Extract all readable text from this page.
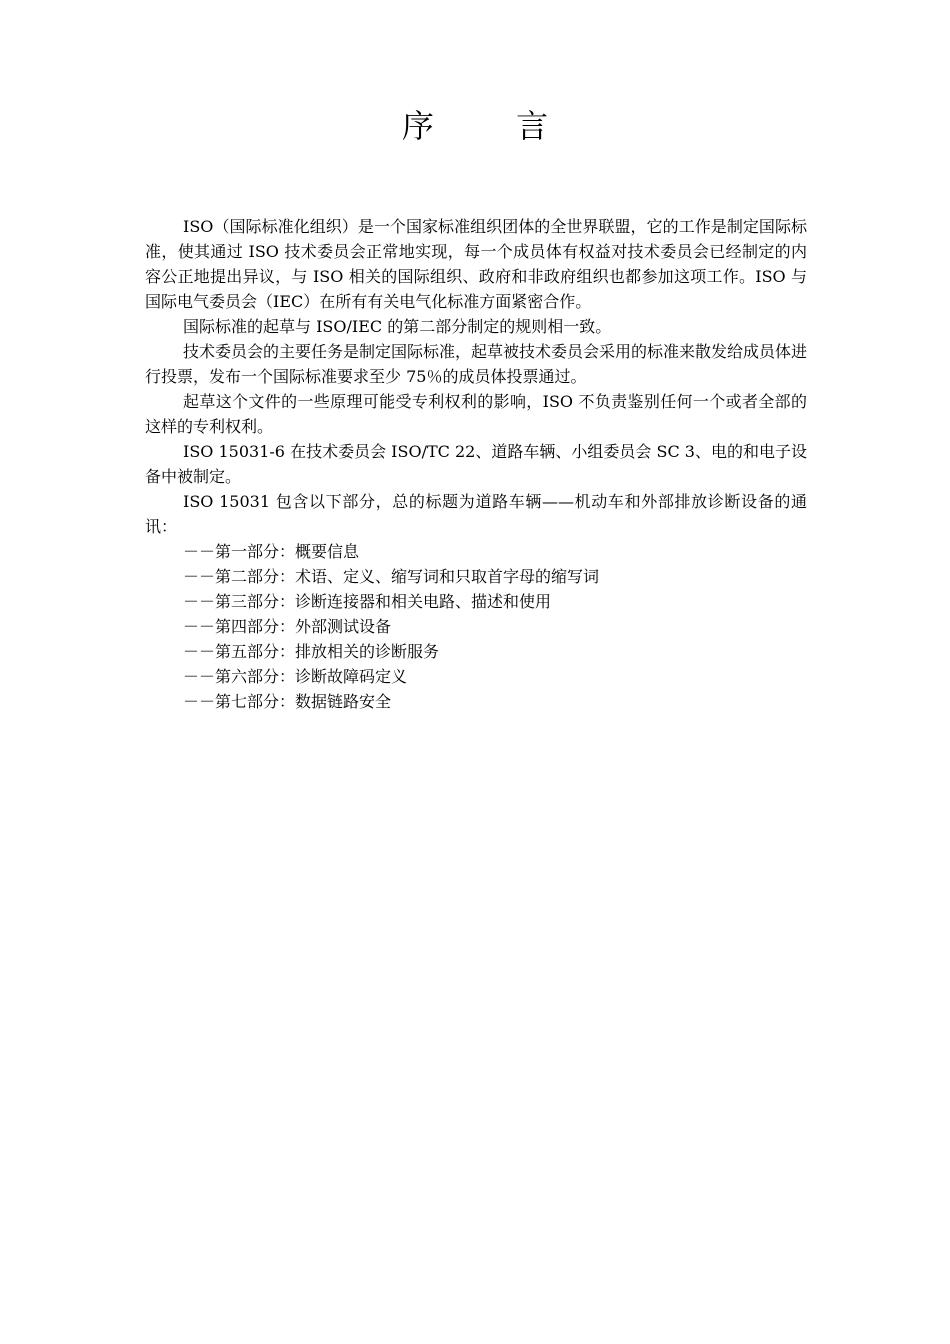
序 言

ISO（国际标准化组织）是一个国家标准组织团体的全世界联盟，它的工作是制定国际标准，使其通过 ISO 技术委员会正常地实现，每一个成员体有权益对技术委员会已经制定的内容公正地提出异议，与 ISO 相关的国际组织、政府和非政府组织也都参加这项工作。ISO 与国际电气委员会（IEC）在所有有关电气化标准方面紧密合作。

国际标准的起草与 ISO/IEC 的第二部分制定的规则相一致。

技术委员会的主要任务是制定国际标准，起草被技术委员会采用的标准来散发给成员体进行投票，发布一个国际标准要求至少 75％的成员体投票通过。

起草这个文件的一些原理可能受专利权利的影响，ISO 不负责鉴别任何一个或者全部的这样的专利权利。

ISO 15031-6 在技术委员会 ISO/TC 22、道路车辆、小组委员会 SC 3、电的和电子设备中被制定。

ISO 15031 包含以下部分，总的标题为道路车辆——机动车和外部排放诊断设备的通讯：

－－第一部分：概要信息
－－第二部分：术语、定义、缩写词和只取首字母的缩写词
－－第三部分：诊断连接器和相关电路、描述和使用
－－第四部分：外部测试设备
－－第五部分：排放相关的诊断服务
－－第六部分：诊断故障码定义
－－第七部分：数据链路安全
